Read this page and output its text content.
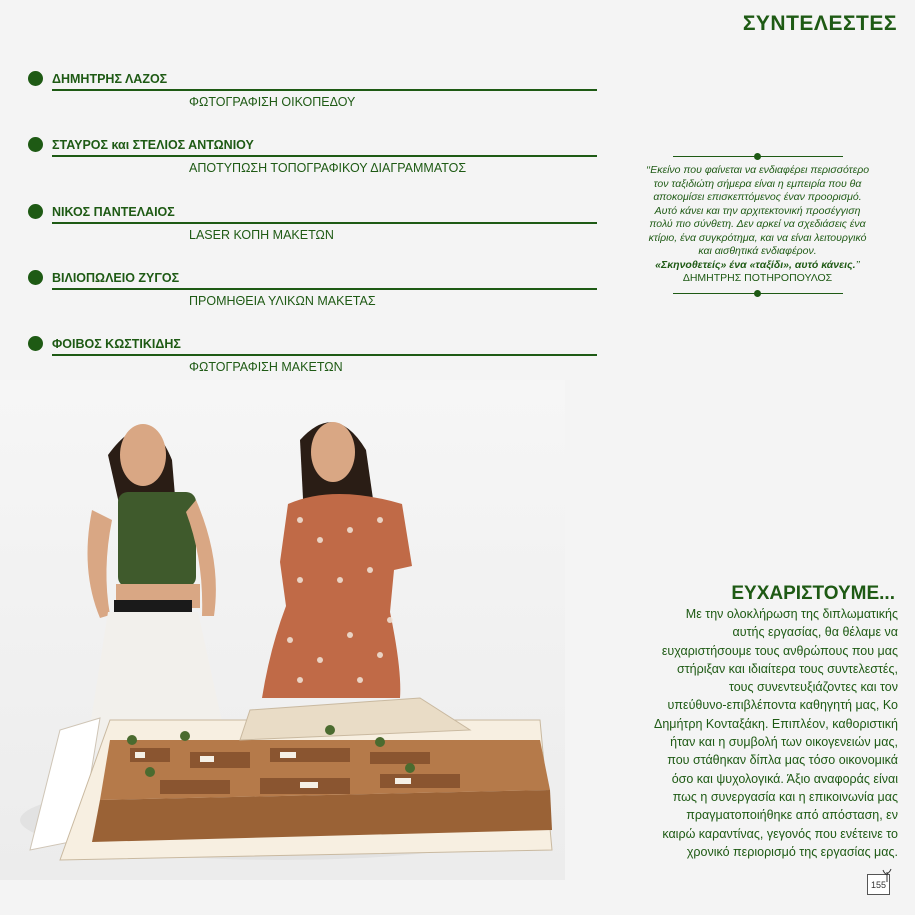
ΣΥΝΤΕΛΕΣΤΕΣ
ΔΗΜΗΤΡΗΣ ΛΑΖΟΣ
ΦΩΤΟΓΡΑΦΙΣΗ ΟΙΚΟΠΕΔΟΥ
ΣΤΑΥΡΟΣ και ΣΤΕΛΙΟΣ ΑΝΤΩΝΙΟΥ
ΑΠΟΤΥΠΩΣΗ ΤΟΠΟΓΡΑΦΙΚΟΥ ΔΙΑΓΡΑΜΜΑΤΟΣ
ΝΙΚΟΣ ΠΑΝΤΕΛΑΙΟΣ
LASER ΚΟΠΗ ΜΑΚΕΤΩΝ
ΒΙΛΙΟΠΩΛΕΙΟ ΖΥΓΟΣ
ΠΡΟΜΗΘΕΙΑ ΥΛΙΚΩΝ ΜΑΚΕΤΑΣ
ΦΟΙΒΟΣ ΚΩΣΤΙΚΙΔΗΣ
ΦΩΤΟΓΡΑΦΙΣΗ ΜΑΚΕΤΩΝ
‘‘Εκείνο που φαίνεται να ενδιαφέρει περισσότερο
τον ταξιδιώτη σήμερα είναι η εμπειρία που θα
αποκομίσει επισκεπτόμενος έναν προορισμό.
Αυτό κάνει και την αρχιτεκτονική προσέγγιση
πολύ πιο σύνθετη. Δεν αρκεί να σχεδιάσεις ένα
κτίριο, ένα συγκρότημα, και να είναι λειτουργικό
και αισθητικά ενδιαφέρον.
«Σκηνοθετείς» ένα «ταξίδι», αυτό κάνεις.’’
ΔΗΜΗΤΡΗΣ ΠΟΤΗΡΟΠΟΥΛΟΣ
ΕΥΧΑΡΙΣΤΟΥΜΕ...
Με την ολοκλήρωση της διπλωματικής
αυτής εργασίας, θα θέλαμε να
ευχαριστήσουμε τους ανθρώπους που μας
στήριξαν και ιδιαίτερα τους συντελεστές,
τους συνεντευξιάζοντες και τον
υπεύθυνο-επιβλέποντα καθηγητή μας, Κο
Δημήτρη Κονταξάκη. Επιπλέον, καθοριστική
ήταν και η συμβολή των οικογενειών μας,
που στάθηκαν δίπλα μας τόσο οικονομικά
όσο και ψυχολογικά. Άξιο αναφοράς είναι
πως η συνεργασία και η επικοινωνία μας
πραγματοποιήθηκε από απόσταση, εν
καιρώ καραντίνας, γεγονός που ενέτεινε το
χρονικό περιορισμό της εργασίας μας.
155
